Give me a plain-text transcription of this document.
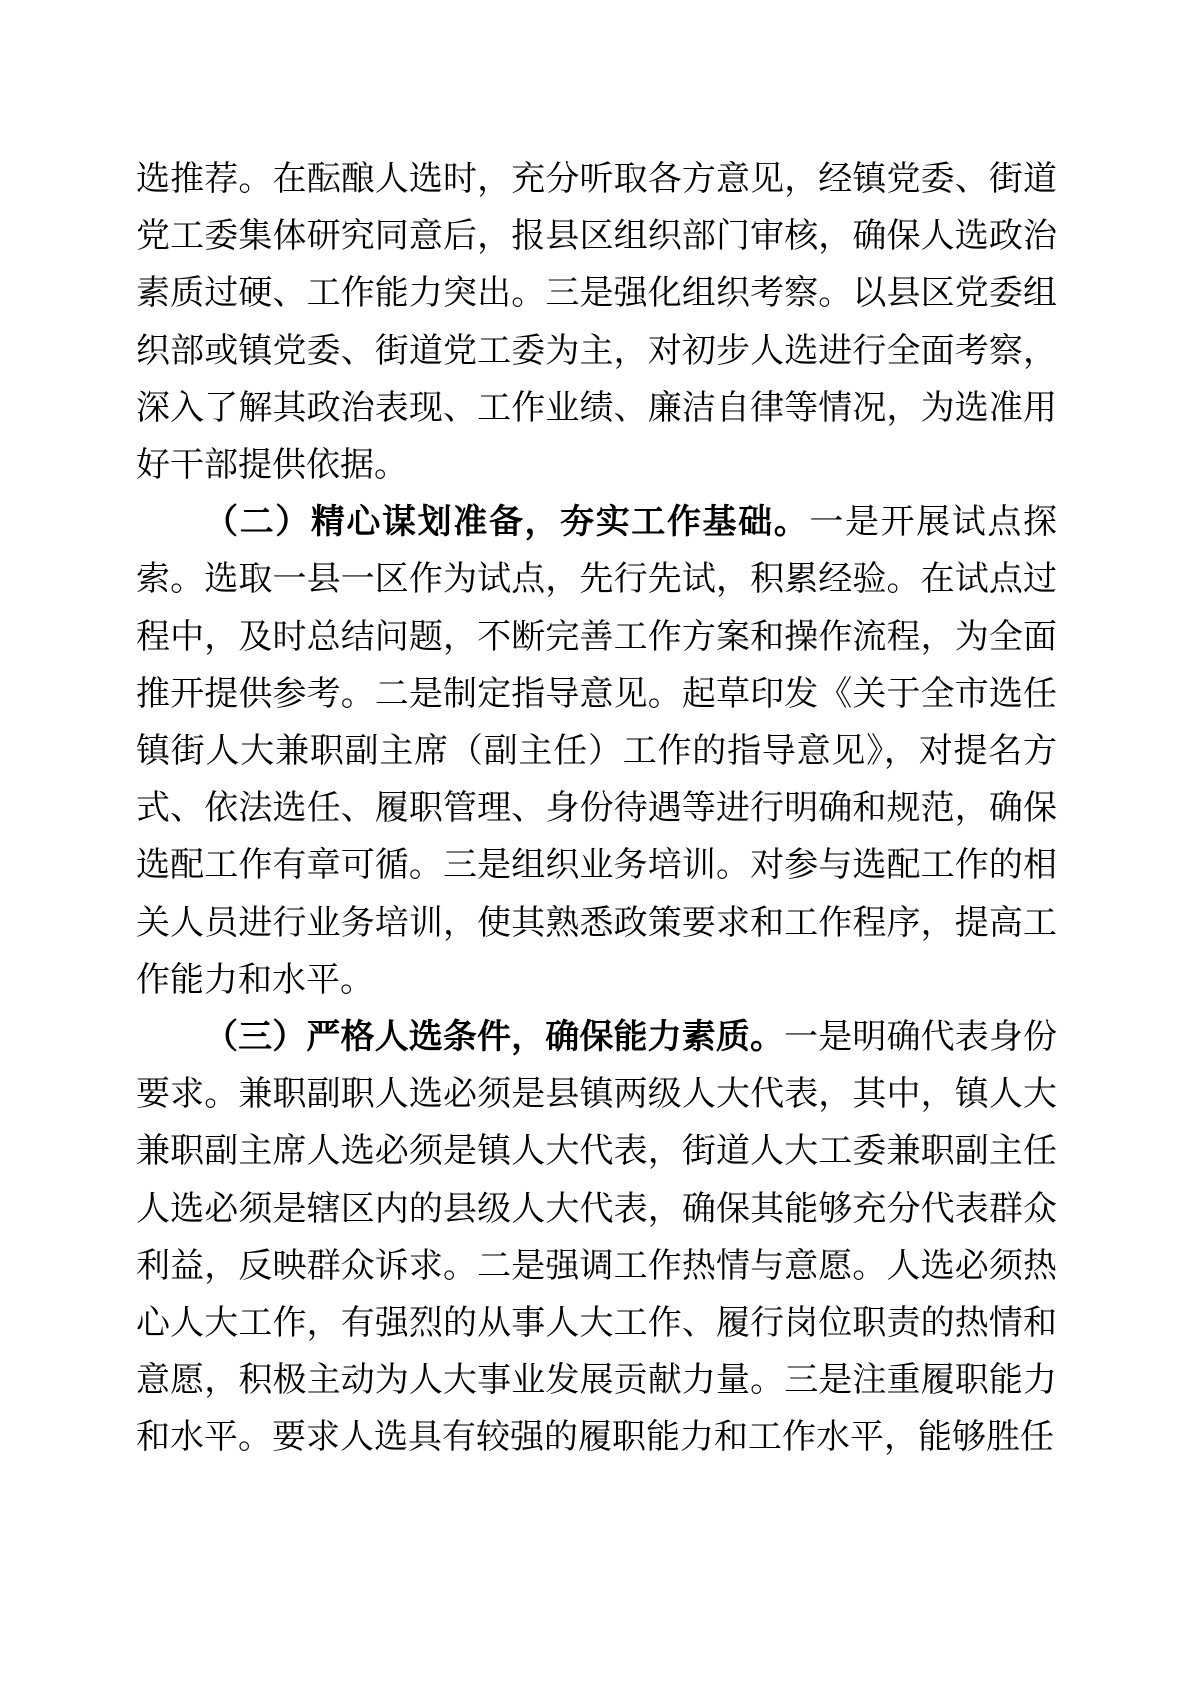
选推荐。在酝酿人选时，充分听取各方意见，经镇党委、街道党工委集体研究同意后，报县区组织部门审核，确保人选政治素质过硬、工作能力突出。三是强化组织考察。以县区党委组织部或镇党委、街道党工委为主，对初步人选进行全面考察，深入了解其政治表现、工作业绩、廉洁自律等情况，为选准用好干部提供依据。

（二）精心谋划准备，夯实工作基础。一是开展试点探索。选取一县一区作为试点，先行先试，积累经验。在试点过程中，及时总结问题，不断完善工作方案和操作流程，为全面推开提供参考。二是制定指导意见。起草印发《关于全市选任镇街人大兼职副主席（副主任）工作的指导意见》，对提名方式、依法选任、履职管理、身份待遇等进行明确和规范，确保选配工作有章可循。三是组织业务培训。对参与选配工作的相关人员进行业务培训，使其熟悉政策要求和工作程序，提高工作能力和水平。

（三）严格人选条件，确保能力素质。一是明确代表身份要求。兼职副职人选必须是县镇两级人大代表，其中，镇人大兼职副主席人选必须是镇人大代表，街道人大工委兼职副主任人选必须是辖区内的县级人大代表，确保其能够充分代表群众利益，反映群众诉求。二是强调工作热情与意愿。人选必须热心人大工作，有强烈的从事人大工作、履行岗位职责的热情和意愿，积极主动为人大事业发展贡献力量。三是注重履职能力和水平。要求人选具有较强的履职能力和工作水平，能够胜任
